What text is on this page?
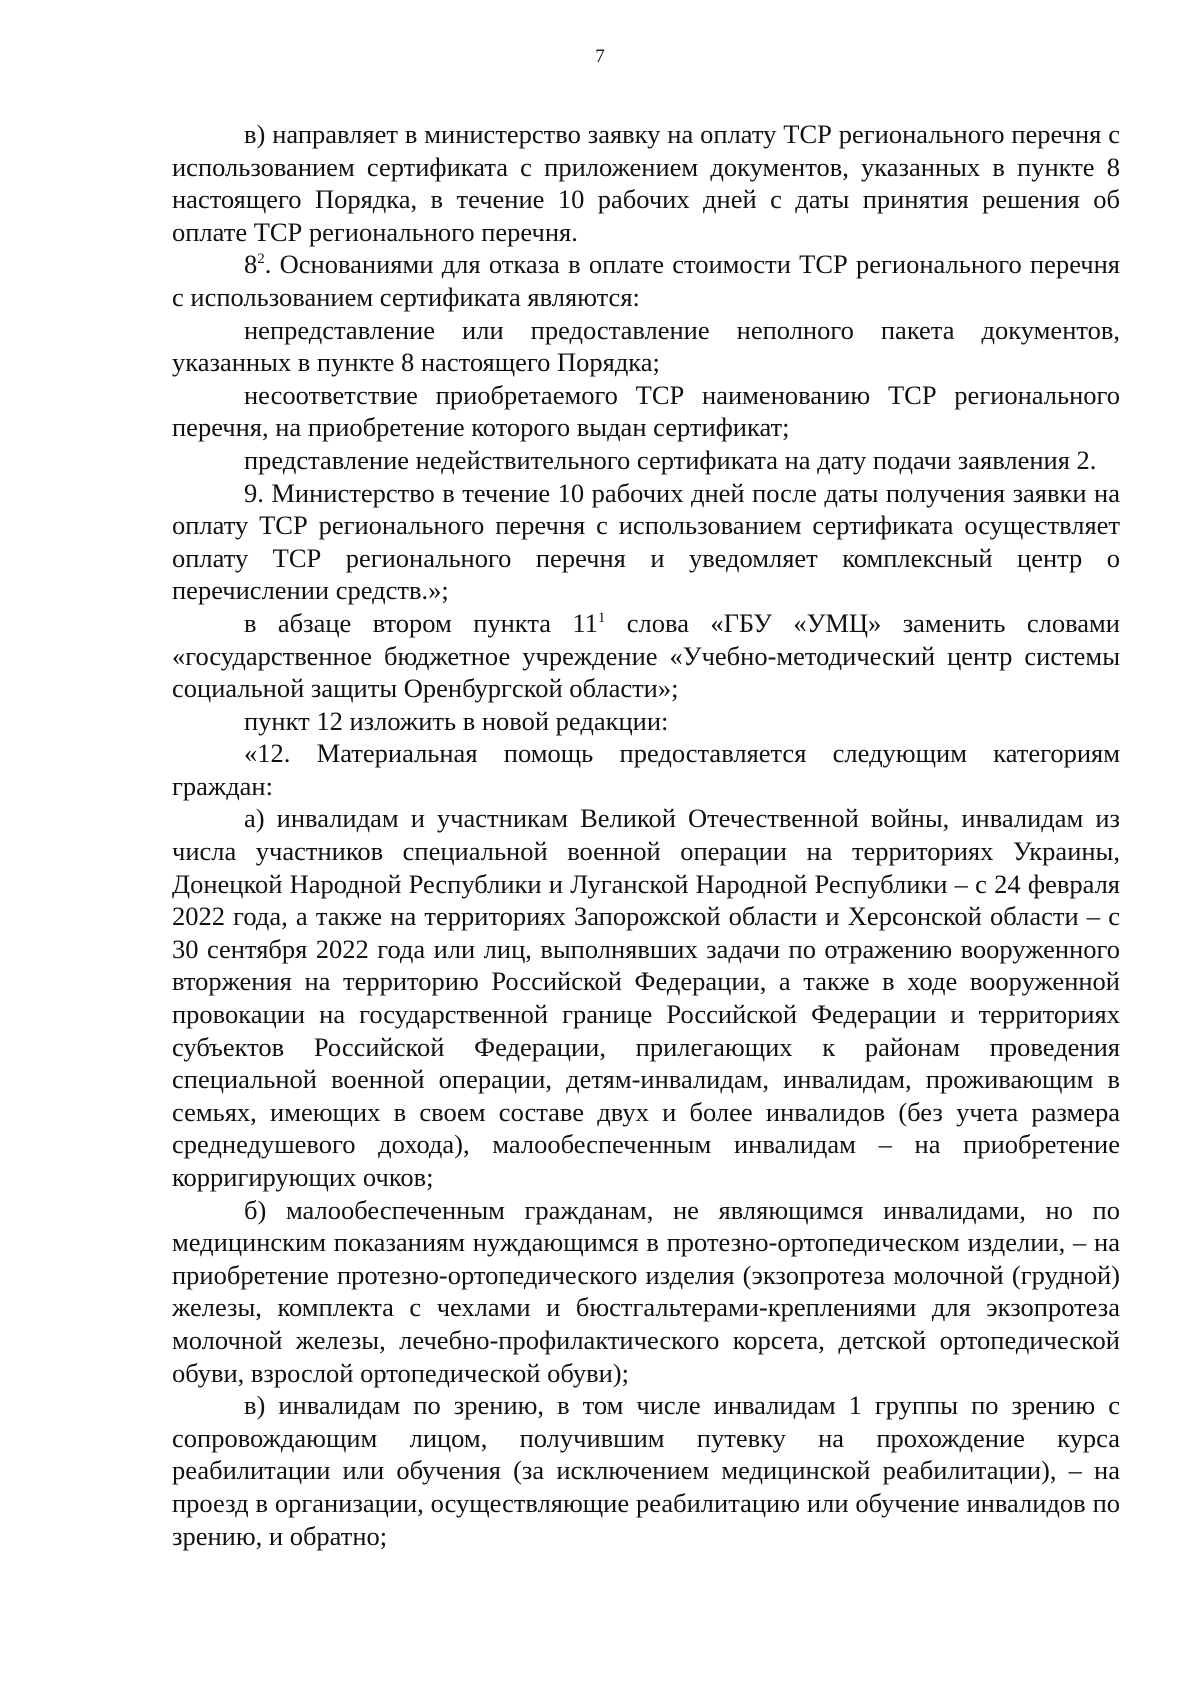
7

в) направляет в министерство заявку на оплату ТСР регионального перечня с использованием сертификата с приложением документов, указанных в пункте 8 настоящего Порядка, в течение 10 рабочих дней с даты принятия решения об оплате ТСР регионального перечня.

$8^2$. Основаниями для отказа в оплате стоимости ТСР регионального перечня с использованием сертификата являются:

непредставление или предоставление неполного пакета документов, указанных в пункте 8 настоящего Порядка;

несоответствие приобретаемого ТСР наименованию ТСР регионального перечня, на приобретение которого выдан сертификат;

представление недействительного сертификата на дату подачи заявления 2.

9. Министерство в течение 10 рабочих дней после даты получения заявки на оплату ТСР регионального перечня с использованием сертификата осуществляет оплату ТСР регионального перечня и уведомляет комплексный центр о перечислении средств.»;

в абзаце втором пункта $11^1$ слова «ГБУ «УМЦ» заменить словами «государственное бюджетное учреждение «Учебно-методический центр системы социальной защиты Оренбургской области»;

пункт 12 изложить в новой редакции:

«12. Материальная помощь предоставляется следующим категориям граждан:

а) инвалидам и участникам Великой Отечественной войны, инвалидам из числа участников специальной военной операции на территориях Украины, Донецкой Народной Республики и Луганской Народной Республики – с 24 февраля 2022 года, а также на территориях Запорожской области и Херсонской области – с 30 сентября 2022 года или лиц, выполнявших задачи по отражению вооруженного вторжения на территорию Российской Федерации, а также в ходе вооруженной провокации на государственной границе Российской Федерации и территориях субъектов Российской Федерации, прилегающих к районам проведения специальной военной операции, детям-инвалидам, инвалидам, проживающим в семьях, имеющих в своем составе двух и более инвалидов (без учета размера среднедушевого дохода), малообеспеченным инвалидам – на приобретение корригирующих очков;

б) малообеспеченным гражданам, не являющимся инвалидами, но по медицинским показаниям нуждающимся в протезно-ортопедическом изделии, – на приобретение протезно-ортопедического изделия (экзопротеза молочной (грудной) железы, комплекта с чехлами и бюстгальтерами-креплениями для экзопротеза молочной железы, лечебно-профилактического корсета, детской ортопедической обуви, взрослой ортопедической обуви);

в) инвалидам по зрению, в том числе инвалидам 1 группы по зрению с сопровождающим лицом, получившим путевку на прохождение курса реабилитации или обучения (за исключением медицинской реабилитации), – на проезд в организации, осуществляющие реабилитацию или обучение инвалидов по зрению, и обратно;
